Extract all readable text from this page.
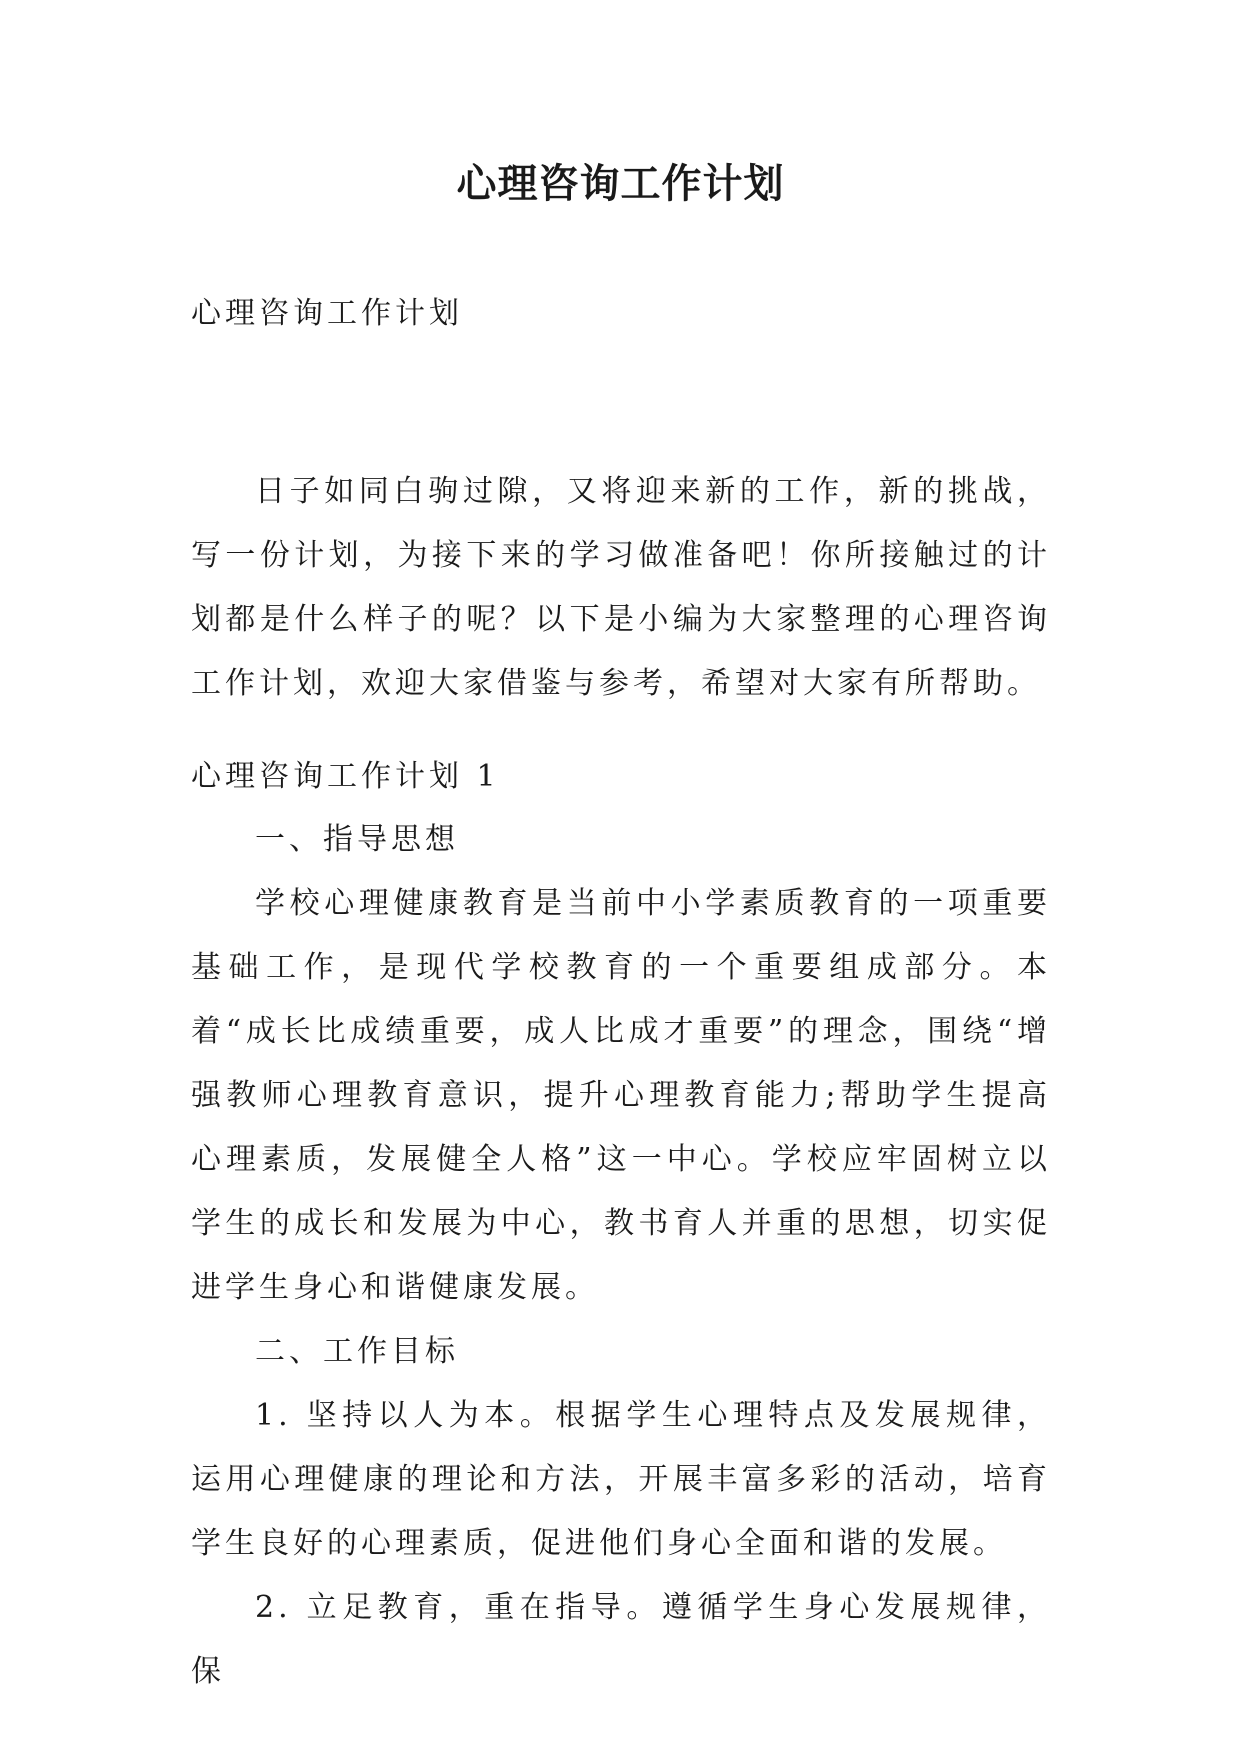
心理咨询工作计划

心理咨询工作计划

日子如同白驹过隙，又将迎来新的工作，新的挑战，写一份计划，为接下来的学习做准备吧！你所接触过的计划都是什么样子的呢？以下是小编为大家整理的心理咨询工作计划，欢迎大家借鉴与参考，希望对大家有所帮助。

心理咨询工作计划 1

一、指导思想

学校心理健康教育是当前中小学素质教育的一项重要基础工作，是现代学校教育的一个重要组成部分。本着“成长比成绩重要，成人比成才重要”的理念，围绕“增强教师心理教育意识，提升心理教育能力;帮助学生提高心理素质，发展健全人格”这一中心。学校应牢固树立以学生的成长和发展为中心，教书育人并重的思想，切实促进学生身心和谐健康发展。

二、工作目标

1. 坚持以人为本。根据学生心理特点及发展规律，运用心理健康的理论和方法，开展丰富多彩的活动，培育学生良好的心理素质，促进他们身心全面和谐的发展。

2. 立足教育，重在指导。遵循学生身心发展规律，保
